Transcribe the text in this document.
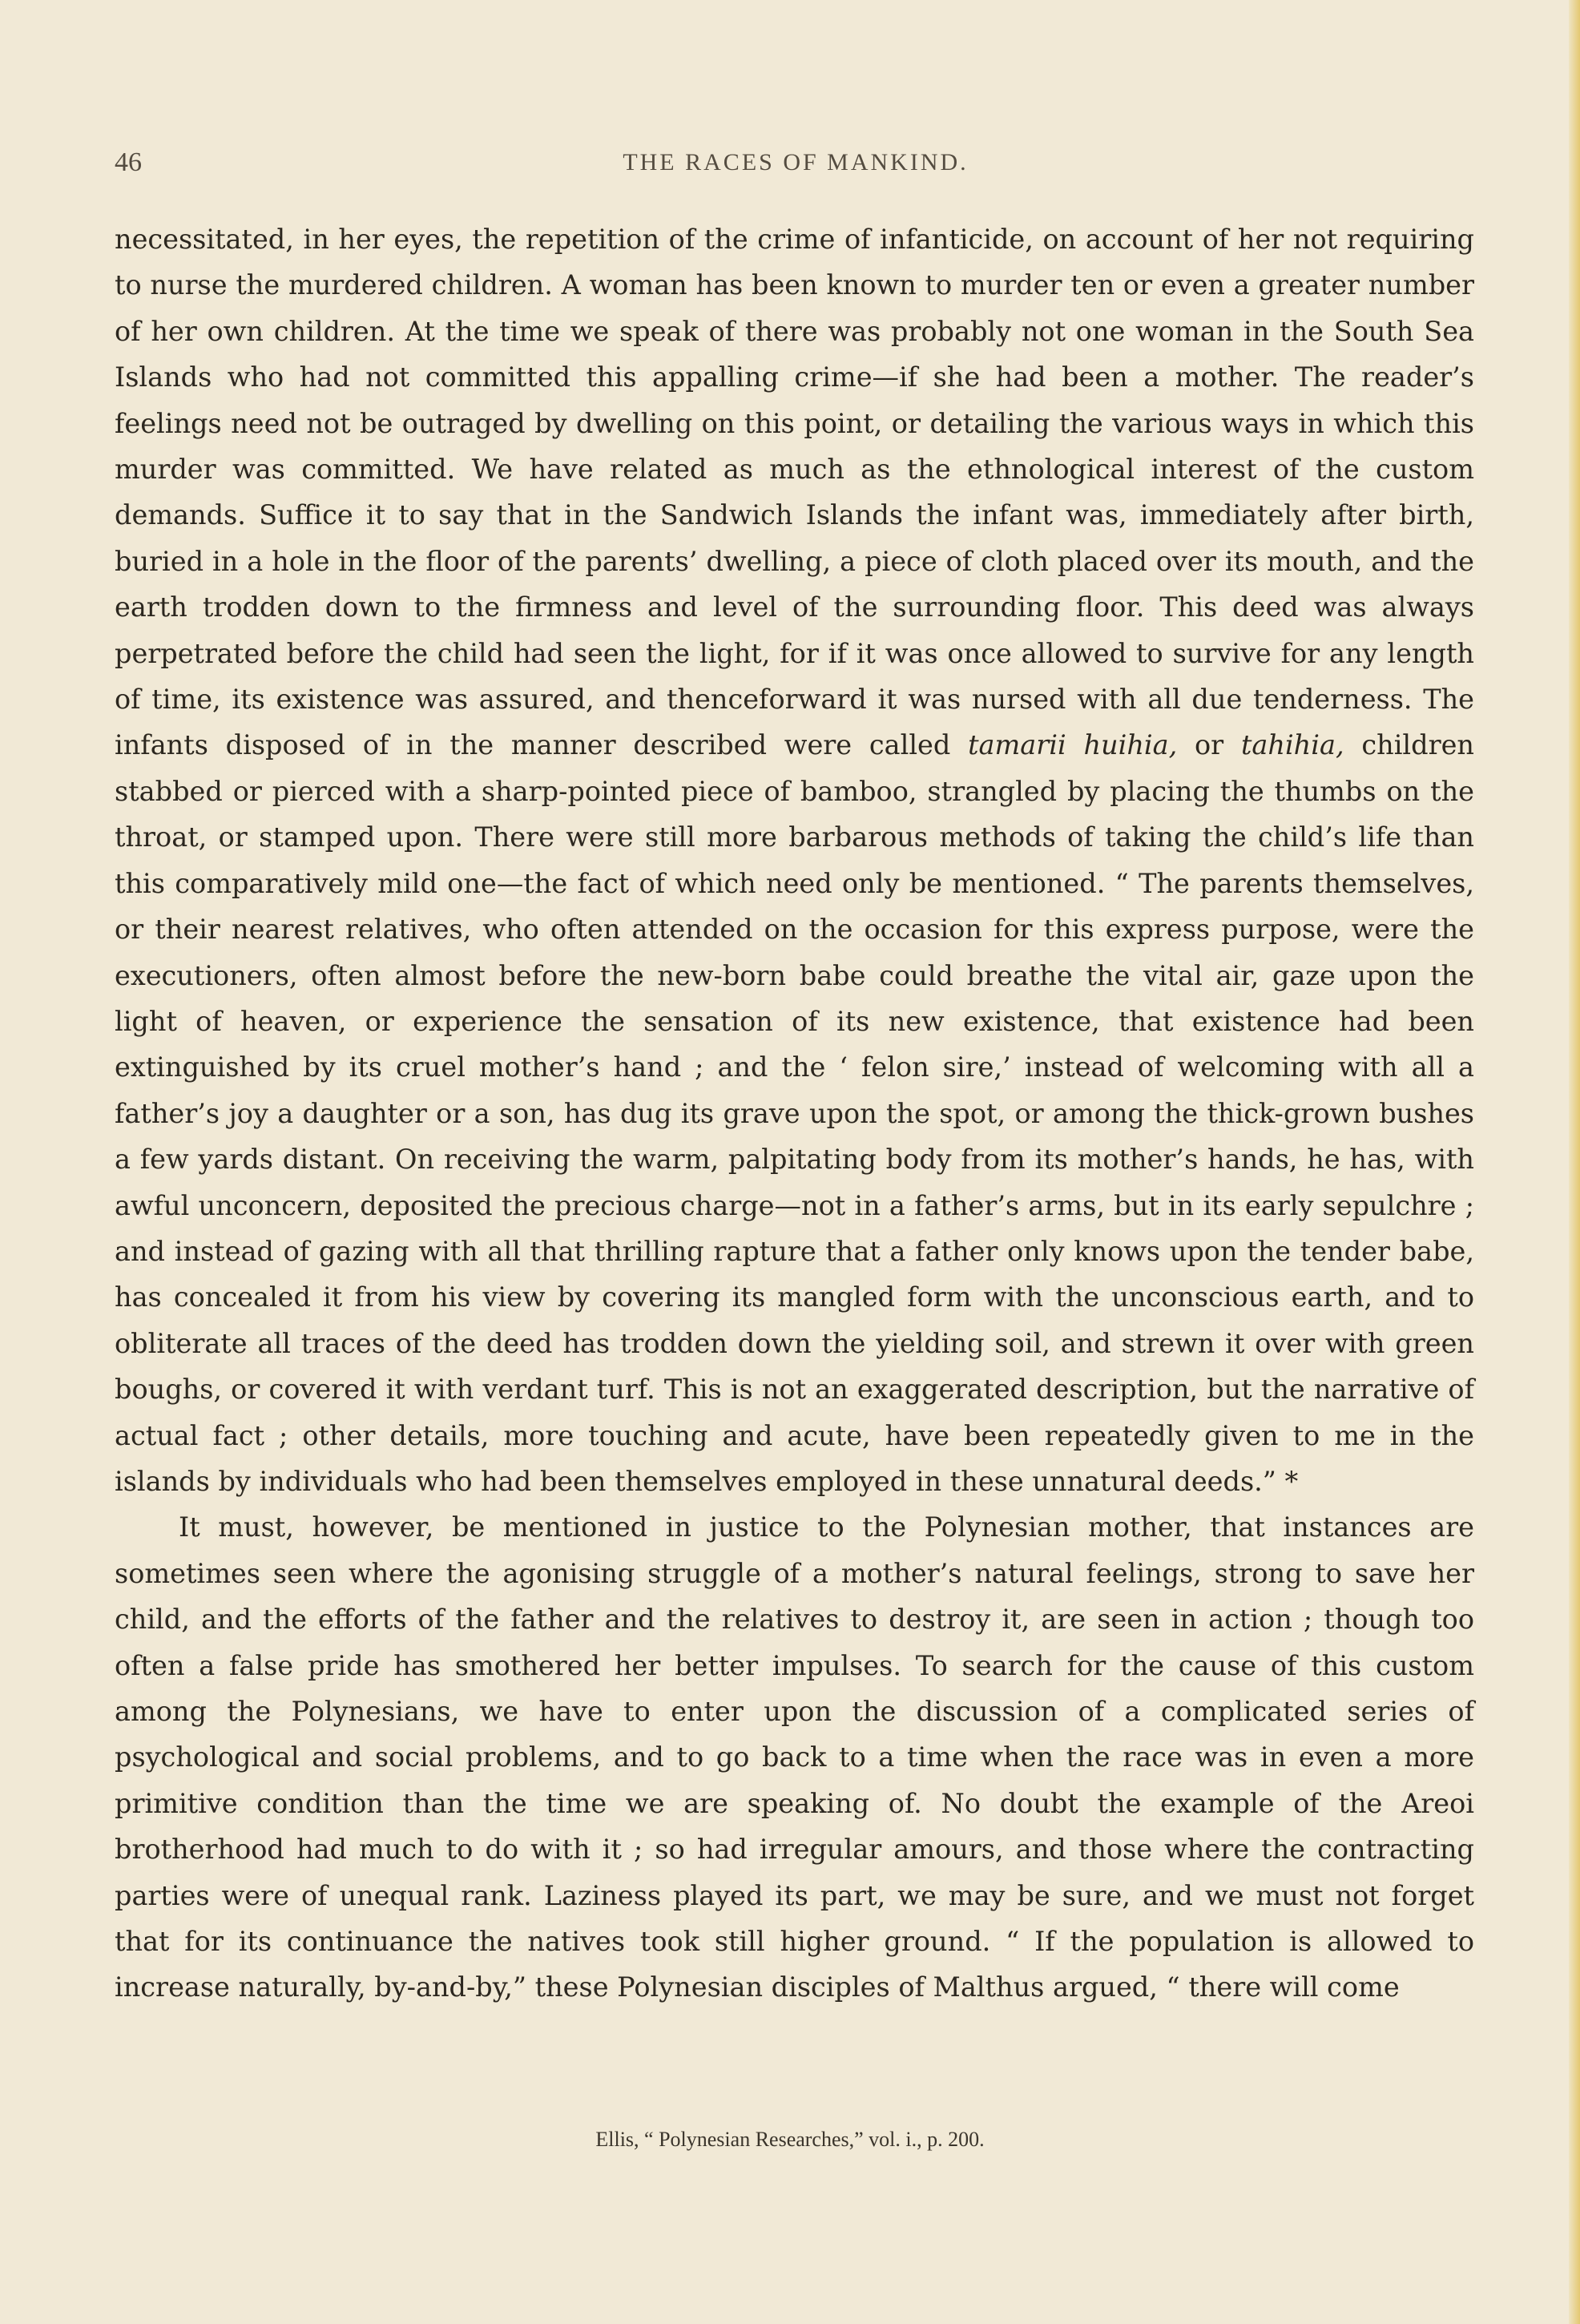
46	THE RACES OF MANKIND.

necessitated, in her eyes, the repetition of the crime of infanticide, on account of her not requiring to nurse the murdered children. A woman has been known to murder ten or even a greater number of her own children. At the time we speak of there was probably not one woman in the South Sea Islands who had not committed this appalling crime—if she had been a mother. The reader’s feelings need not be outraged by dwelling on this point, or detailing the various ways in which this murder was committed. We have related as much as the ethnological interest of the custom demands. Suffice it to say that in the Sandwich Islands the infant was, immediately after birth, buried in a hole in the floor of the parents’ dwelling, a piece of cloth placed over its mouth, and the earth trodden down to the firmness and level of the surrounding floor. This deed was always perpetrated before the child had seen the light, for if it was once allowed to survive for any length of time, its existence was assured, and thenceforward it was nursed with all due tenderness. The infants disposed of in the manner described were called tamarii huihia, or tahihia, children stabbed or pierced with a sharp-pointed piece of bamboo, strangled by placing the thumbs on the throat, or stamped upon. There were still more barbarous methods of taking the child’s life than this comparatively mild one—the fact of which need only be mentioned. “ The parents themselves, or their nearest relatives, who often attended on the occasion for this express purpose, were the executioners, often almost before the new-born babe could breathe the vital air, gaze upon the light of heaven, or experience the sensation of its new existence, that existence had been extinguished by its cruel mother’s hand ; and the ‘ felon sire,’ instead of welcoming with all a father’s joy a daughter or a son, has dug its grave upon the spot, or among the thick-grown bushes a few yards distant. On receiving the warm, palpitating body from its mother’s hands, he has, with awful unconcern, deposited the precious charge—not in a father’s arms, but in its early sepulchre ; and instead of gazing with all that thrilling rapture that a father only knows upon the tender babe, has concealed it from his view by covering its mangled form with the unconscious earth, and to obliterate all traces of the deed has trodden down the yielding soil, and strewn it over with green boughs, or covered it with verdant turf. This is not an exaggerated description, but the narrative of actual fact ; other details, more touching and acute, have been repeatedly given to me in the islands by individuals who had been themselves employed in these unnatural deeds.” *

It must, however, be mentioned in justice to the Polynesian mother, that instances are sometimes seen where the agonising struggle of a mother’s natural feelings, strong to save her child, and the efforts of the father and the relatives to destroy it, are seen in action ; though too often a false pride has smothered her better impulses. To search for the cause of this custom among the Polynesians, we have to enter upon the discussion of a complicated series of psychological and social problems, and to go back to a time when the race was in even a more primitive condition than the time we are speaking of. No doubt the example of the Areoi brotherhood had much to do with it ; so had irregular amours, and those where the contracting parties were of unequal rank. Laziness played its part, we may be sure, and we must not forget that for its continuance the natives took still higher ground. “ If the population is allowed to increase naturally, by-and-by,” these Polynesian disciples of Malthus argued, “ there will come

Ellis, “ Polynesian Researches,” vol. i., p. 200.
